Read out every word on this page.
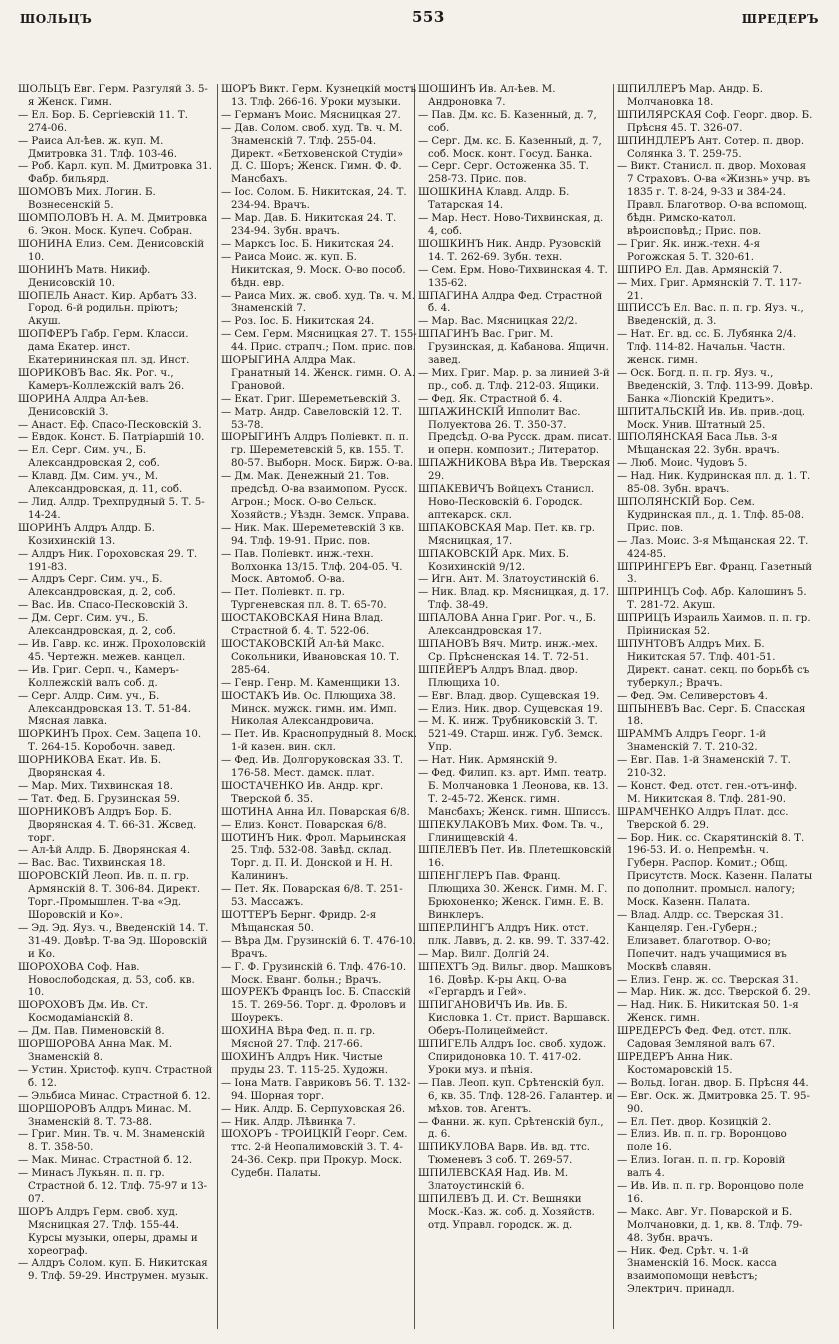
ШОЛЬЦЪ	553	ШРЕДЕРЪ

ШОЛЬЦЪ Евг. Герм. Разгуляй 3. 5-я Женск. Гимн.

— Ел. Бор. Б. Сергіевскій 11. Т. 274-06.

— Раиса Ал-ѣев. ж. куп. М. Дмитровка 31. Тлф. 103-46.

— Роб. Карл. куп. М. Дмитровка 31. Фабр. бильярд.

ШОМОВЪ Мих. Логин. Б. Вознесенскій 5.

ШОМПОЛОВЪ Н. А. М. Дмитровка 6. Экон. Моск. Купеч. Собран.

ШОНИНА Елиз. Сем. Денисовскій 10.

ШОНИНЪ Матв. Никиф. Денисовскій 10.

ШОПЕЛЬ Анаст. Кир. Арбатъ 33. Город. 6-й родильн. пріютъ; Акуш.

ШОПФЕРЪ Габр. Герм. Класси. дама Екатер. инст. Екатерининская пл. зд. Инст.

ШОРИКОВЪ Вас. Як. Рог. ч., Камеръ-Коллежскій валъ 26.

ШОРИНА Алдра Ал-ѣев. Денисовскій 3.

— Анаст. Еф. Спасо-Песковскій 3.

— Евдок. Конст. Б. Патріаршій 10.

— Ел. Серг. Сим. уч., Б. Александровская 2, соб.

— Клавд. Дм. Сим. уч., М. Александровская, д. 11, соб.

— Лид. Алдр. Трехпрудный 5. Т. 5-14-24.

ШОРИНЪ Алдръ Алдр. Б. Козихинскій 13.

— Алдръ Ник. Гороховская 29. Т. 191-83.

— Алдръ Серг. Сим. уч., Б. Александровская, д. 2, соб.

— Вас. Ив. Спасо-Песковскій 3.

— Дм. Серг. Сим. уч., Б. Александровская, д. 2, соб.

— Ив. Гавр. кс. инж. Прохоловскій 45. Чертежн. межев. канцел.

— Ив. Григ. Серп. ч., Камеръ-Коллежскій валъ соб. д.

— Серг. Алдр. Сим. уч., Б. Александровская 13. Т. 51-84. Мясная лавка.

ШОРКИНЪ Прох. Сем. Зацепа 10. Т. 264-15. Коробочн. завед.

ШОРНИКОВА Екат. Ив. Б. Дворянская 4.

— Мар. Мих. Тихвинская 18.

— Тат. Фед. Б. Грузинская 59.

ШОРНИКОВЪ Алдръ Бор. Б. Дворянская 4. Т. 66-31. Жсвед. торг.

— Ал-ѣй Алдр. Б. Дворянская 4.

— Вас. Вас. Тихвинская 18.

ШОРОВСКІЙ Леоп. Ив. п. п. гр. Армянскій 8. Т. 306-84. Директ. Торг.-Промышлен. Т-ва «Эд. Шоровскій и Ко».

— Эд. Эд. Яуз. ч., Введенскій 14. Т. 31-49. Довѣр. Т-ва Эд. Шоровскій и Ко.

ШОРОХОВА Соф. Нав. Новослободская, д. 53, соб. кв. 10.

ШОРОХОВЪ Дм. Ив. Ст. Космодаміанскій 8.

— Дм. Пав. Пименовскій 8.

ШОРШОРОВА Анна Мак. М. Знаменскій 8.

— Устин. Христоф. купч. Страстной б. 12.

— Эльбиса Минас. Страстной б. 12.

ШОРШОРОВЪ Алдръ Минас. М. Знаменскій 8. Т. 73-88.

— Григ. Мин. Тв. ч. М. Знаменскій 8. Т. 358-50.

— Мак. Минас. Страстной б. 12.

— Минасъ Лукьян. п. п. гр. Страстной б. 12. Тлф. 75-97 и 13-07.

ШОРЪ Алдръ Герм. своб. худ. Мясницкая 27. Тлф. 155-44. Курсы музыки, оперы, драмы и хореограф.

— Алдръ Солом. куп. Б. Никитская 9. Тлф. 59-29. Инструмен. музык.

ШОРЪ Викт. Герм. Кузнецкій мостъ 13. Тлф. 266-16. Уроки музыки.

— Германъ Моис. Мясницкая 27.

— Дав. Солом. своб. худ. Тв. ч. М. Знаменскій 7. Тлф. 255-04. Директ. «Бетховенской Студіи» Д. С. Шоръ; Женск. Гимн. Ф. Ф. Мансбахъ.

— Іос. Солом. Б. Никитская, 24. Т. 234-94. Врачъ.

— Мар. Дав. Б. Никитская 24. Т. 234-94. Зубн. врачъ.

— Марксъ Іос. Б. Никитская 24.

— Раиса Моис. ж. куп. Б. Никитская, 9. Моск. О-во пособ. бѣдн. евр.

— Раиса Мих. ж. своб. худ. Тв. ч. М. Знаменскій 7.

— Роз. Іос. Б. Никитская 24.

— Сем. Герм. Мясницкая 27. Т. 155-44. Прис. страпч.; Пом. прис. пов.

ШОРЫГИНА Алдра Мак. Гранатный 14. Женск. гимн. О. А. Грановой.

— Екат. Григ. Шереметьевскій 3.

— Матр. Андр. Савеловскій 12. Т. 53-78.

ШОРЫГИНЪ Алдръ Поліевкт. п. п. гр. Шереметевскій 5, кв. 155. Т. 80-57. Выборн. Моск. Бирж. О-ва.

— Дм. Мак. Денежный 21. Тов. предсѣд. О-ва взаимопом. Русск. Агрон.; Моск. О-во Сельск. Хозяйств.; Уѣздн. Земск. Управа.

— Ник. Мак. Шереметевскій 3 кв. 94. Тлф. 19-91. Прис. пов.

— Пав. Поліевкт. инж.-техн. Волхонка 13/15. Тлф. 204-05. Ч. Моск. Автомоб. О-ва.

— Пет. Поліевкт. п. гр. Тургеневская пл. 8. Т. 65-70.

ШОСТАКОВСКАЯ Нина Влад. Страстной б. 4. Т. 522-06.

ШОСТАКОВСКІЙ Ал-ѣй Макс. Сокольники, Ивановская 10. Т. 285-64.

— Генр. Генр. М. Каменщики 13.

ШОСТАКЪ Ив. Ос. Плющиха 38. Минск. мужск. гимн. им. Имп. Николая Александровича.

— Пет. Ив. Краснопрудный 8. Моск. 1-й казен. вин. скл.

— Фед. Ив. Долгоруковская 33. Т. 176-58. Мест. дамск. плат.

ШОСТАЧЕНКО Ив. Андр. крг. Тверской б. 35.

ШОТИНА Анна Ил. Поварская 6/8.

— Елиз. Конст. Поварская 6/8.

ШОТИНЪ Ник. Фрол. Марьинская 25. Тлф. 532-08. Завѣд. склад. Торг. д. П. И. Донской и Н. Н. Калининъ.

— Пет. Як. Поварская 6/8. Т. 251-53. Массажъ.

ШОТТЕРЪ Бернг. Фридр. 2-я Мѣщанская 50.

— Вѣра Дм. Грузинскій 6. Т. 476-10. Врачъ.

— Г. Ф. Грузинскій 6. Тлф. 476-10. Моск. Еванг. больн.; Врачъ.

ШОУРЕКЪ Францъ Іос. Б. Спасскій 15. Т. 269-56. Торг. д. Фроловъ и Шоурекъ.

ШОХИНА Вѣра Фед. п. п. гр. Мясной 27. Тлф. 217-66.

ШОХИНЪ Алдръ Ник. Чистые пруды 23. Т. 115-25. Художн.

— Іона Матв. Гавриковъ 56. Т. 132-94. Шорная торг.

— Ник. Алдр. Б. Серпуховская 26.

— Ник. Алдр. Лѣвинка 7.

ШОХОРЪ - ТРОИЦКІЙ Георг. Сем. ттс. 2-й Неопалимовскій 3. Т. 4-24-36. Секр. при Прокур. Моск. Судебн. Палаты.

ШОШИНЪ Ив. Ал-ѣев. М. Андроновка 7.

— Пав. Дм. кс. Б. Казенный, д. 7, соб.

— Серг. Дм. кс. Б. Казенный, д. 7, соб. Моск. конт. Госуд. Банка.

— Серг. Серг. Остоженка 35. Т. 258-73. Прис. пов.

ШОШКИНА Клавд. Алдр. Б. Татарская 14.

— Мар. Нест. Ново-Тихвинская, д. 4, соб.

ШОШКИНЪ Ник. Андр. Рузовскій 14. Т. 262-69. Зубн. техн.

— Сем. Ерм. Ново-Тихвинская 4. Т. 135-62.

ШПАГИНА Алдра Фед. Страстной б. 4.

— Мар. Вас. Мясницкая 22/2.

ШПАГИНЪ Вас. Григ. М. Грузинская, д. Кабанова. Ящичн. завед.

— Мих. Григ. Мар. р. за линией 3-й пр., соб. д. Тлф. 212-03. Ящики.

— Фед. Як. Страстной б. 4.

ШПАЖИНСКІЙ Ипполит Вас. Полуектова 26. Т. 350-37. Предсѣд. О-ва Русск. драм. писат. и оперн. композит.; Литератор.

ШПАЖНИКОВА Вѣра Ив. Тверская 29.

ШПАКЕВИЧЪ Войцехъ Станисл. Ново-Песковскій 6. Городск. аптекарск. скл.

ШПАКОВСКАЯ Мар. Пет. кв. гр. Мясницкая, 17.

ШПАКОВСКІЙ Арк. Мих. Б. Козихинскій 9/12.

— Игн. Ант. М. Златоустинскій 6.

— Ник. Влад. кр. Мясницкая, д. 17. Тлф. 38-49.

ШПАЛОВА Анна Григ. Рог. ч., Б. Александровская 17.

ШПАНОВЪ Вяч. Митр. инж.-мех. Ср. Прѣсненская 14. Т. 72-51.

ШПЕЙЕРЪ Алдръ Влад. двор. Плющиха 10.

— Евг. Влад. двор. Сущевская 19.

— Елиз. Ник. двор. Сущевская 19.

— М. К. инж. Трубниковскій 3. Т. 521-49. Старш. инж. Губ. Земск. Упр.

— Нат. Ник. Армянскій 9.

— Фед. Филип. кз. арт. Имп. театр. Б. Молчановка 1 Леонова, кв. 13. Т. 2-45-72. Женск. гимн. Мансбахъ; Женск. гимн. Шписсъ.

ШПЕКУЛАКОВЪ Мих. Фом. Тв. ч., Глинищевскій 4.

ШПЕЛЕВЪ Пет. Ив. Плетешковскій 16.

ШПЕНГЛЕРЪ Пав. Франц. Плющиха 30. Женск. Гимн. М. Г. Брюхоненко; Женск. Гимн. Е. В. Винклеръ.

ШПЕРЛИНГЪ Алдръ Ник. отст. плк. Лаввъ, д. 2. кв. 99. Т. 337-42.

— Мар. Вилг. Долгій 24.

ШПЕХТЪ Эд. Вильг. двор. Машковъ 16. Довѣр. К-ры Акц. О-ва «Гергардъ и Гей».

ШПИГАНОВИЧЪ Ив. Ив. Б. Кисловка 1. Ст. прист. Варшавск. Оберъ-Полицеймейст.

ШПИГЕЛЬ Алдръ Іос. своб. худож. Спиридоновка 10. Т. 417-02. Уроки муз. и пѣнія.

— Пав. Леоп. куп. Срѣтенскій бул. 6, кв. 35. Тлф. 128-26. Галантер. и мѣхов. тов. Агентъ.

— Фанни. ж. куп. Срѣтенскій бул., д. 6.

ШПИКУЛОВА Варв. Ив. вд. ттс. Тюменевъ 3 соб. Т. 269-57.

ШПИЛЕВСКАЯ Над. Ив. М. Златоустинскій 6.

ШПИЛЕВЪ Д. И. Ст. Вешняки Моск.-Каз. ж. соб. д. Хозяйств. отд. Управл. городск. ж. д.

ШПИЛЛЕРЪ Мар. Андр. Б. Молчановка 18.

ШПИЛЯРСКАЯ Соф. Георг. двор. Б. Прѣсня 45. Т. 326-07.

ШПИНДЛЕРЪ Ант. Сотер. п. двор. Солянка 3. Т. 259-75.

— Викт. Станисл. п. двор. Моховая 7 Страховъ. О-ва «Жизнь» учр. въ 1835 г. Т. 8-24, 9-33 и 384-24. Правл. Благотвор. О-ва вспомощ. бѣдн. Римско-катол. вѣроисповѣд.; Прис. пов.

— Григ. Як. инж.-техн. 4-я Рогожская 5. Т. 320-61.

ШПИРО Ел. Дав. Армянскій 7.

— Мих. Григ. Армянскій 7. Т. 117-21.

ШПИССЪ Ел. Вас. п. п. гр. Яуз. ч., Введенскій, д. 3.

— Нат. Ег. вд. сс. Б. Лубянка 2/4. Тлф. 114-82. Начальн. Частн. женск. гимн.

— Оск. Богд. п. п. гр. Яуз. ч., Введенскій, 3. Тлф. 113-99. Довѣр. Банка «Лionскій Кредитъ».

ШПИТАЛЬСКІЙ Ив. Ив. прив.-доц. Моск. Унив. Штатный 25.

ШПОЛЯНСКАЯ Баса Льв. 3-я Мѣщанская 22. Зубн. врачъ.

— Люб. Моис. Чудовъ 5.

— Над. Ник. Кудринская пл. д. 1. Т. 85-08. Зубн. врачъ.

ШПОЛЯНСКІЙ Бор. Сем. Кудринская пл., д. 1. Тлф. 85-08. Прис. пов.

— Лаз. Моис. 3-я Мѣщанская 22. Т. 424-85.

ШПРИНГЕРЪ Евг. Франц. Газетный 3.

ШПРИНЦЪ Соф. Абр. Калошинъ 5. Т. 281-72. Акуш.

ШПРИЦЪ Израиль Хаимов. п. п. гр. Пріиниская 52.

ШПУНТОВЪ Алдръ Мих. Б. Никитская 57. Тлф. 401-51. Директ. санат. секц. по борьбѣ съ туберкул.; Врачъ.

— Фед. Эм. Селиверстовъ 4.

ШПЫНЕВЪ Вас. Серг. Б. Спасская 18.

ШРАММЪ Алдръ Георг. 1-й Знаменскій 7. Т. 210-32.

— Евг. Пав. 1-й Знаменскій 7. Т. 210-32.

— Конст. Фед. отст. ген.-отъ-инф. М. Никитская 8. Тлф. 281-90.

ШРАМЧЕНКО Алдръ Плат. дсс. Тверской б. 29.

— Бор. Ник. сс. Скарятинскій 8. Т. 196-53. И. о. Непремѣн. ч. Губерн. Распор. Комит.; Общ. Присутств. Моск. Казенн. Палаты по дополнит. промысл. налогу; Моск. Казенн. Палата.

— Влад. Алдр. сс. Тверская 31. Канцеляр. Ген.-Губерн.; Елизавет. благотвор. О-во; Попечит. надъ учащимися въ Москвѣ славян.

— Елиз. Генр. ж. сс. Тверская 31.

— Мар. Ник. ж. дсс. Тверской б. 29.

— Над. Ник. Б. Никитская 50. 1-я Женск. гимн.

ШРЕДЕРСЪ Фед. Фед. отст. плк. Садовая Земляной валъ 67.

ШРЕДЕРЪ Анна Ник. Костомаровскій 15.

— Вольд. Іоган. двор. Б. Прѣсня 44.

— Евг. Оск. ж. Дмитровка 25. Т. 95-90.

— Ел. Пет. двор. Козицкій 2.

— Елиз. Ив. п. п. гр. Воронцово поле 16.

— Елиз. Іоган. п. п. гр. Коровій валъ 4.

— Ив. Ив. п. п. гр. Воронцово поле 16.

— Макс. Авг. Уг. Поварской и Б. Молчановки, д. 1, кв. 8. Тлф. 79-48. Зубн. врачъ.

— Ник. Фед. Срѣт. ч. 1-й Знаменскій 16. Моск. касса взаимопомощи невѣстъ; Электрич. принадл.
